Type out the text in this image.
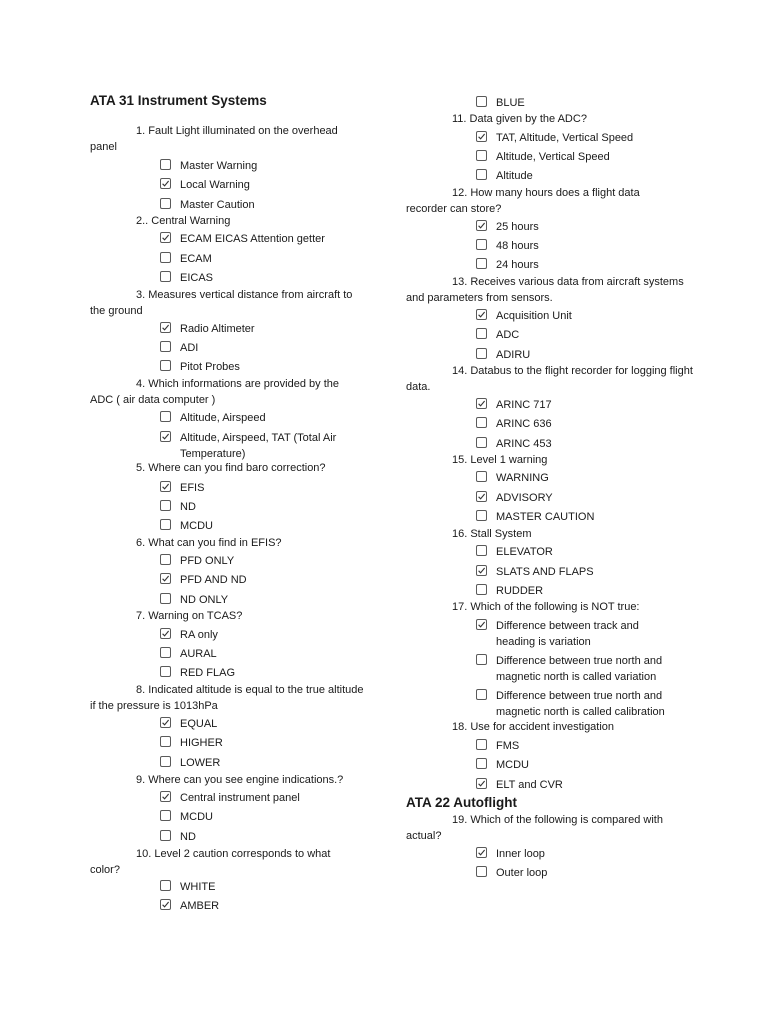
ATA 31 Instrument Systems
1. Fault Light illuminated on the overhead panel
Master Warning
Local Warning
Master Caution
2.. Central Warning
ECAM EICAS Attention getter
ECAM
EICAS
3. Measures vertical distance from aircraft to the ground
Radio Altimeter
ADI
Pitot Probes
4. Which informations are provided by the ADC ( air data computer )
Altitude, Airspeed
Altitude, Airspeed, TAT (Total Air Temperature)
5. Where can you find baro correction?
EFIS
ND
MCDU
6. What can you find in EFIS?
PFD ONLY
PFD AND ND
ND ONLY
7. Warning on TCAS?
RA only
AURAL
RED FLAG
8. Indicated altitude is equal to the true altitude if the pressure is 1013hPa
EQUAL
HIGHER
LOWER
9. Where can you see engine indications.?
Central instrument panel
MCDU
ND
10. Level 2 caution corresponds to what color?
WHITE
AMBER
BLUE
11. Data given by the ADC?
TAT, Altitude, Vertical Speed
Altitude, Vertical Speed
Altitude
12. How many hours does a flight data recorder can store?
25 hours
48 hours
24 hours
13. Receives various data from aircraft systems and parameters from sensors.
Acquisition Unit
ADC
ADIRU
14. Databus to the flight recorder for logging flight data.
ARINC 717
ARINC 636
ARINC 453
15. Level 1 warning
WARNING
ADVISORY
MASTER CAUTION
16. Stall System
ELEVATOR
SLATS AND FLAPS
RUDDER
17. Which of the following is NOT true:
Difference between track and heading is variation
Difference between true north and magnetic north is called variation
Difference between true north and magnetic north is called calibration
18. Use for accident investigation
FMS
MCDU
ELT and CVR
ATA 22 Autoflight
19. Which of the following is compared with actual?
Inner loop
Outer loop
